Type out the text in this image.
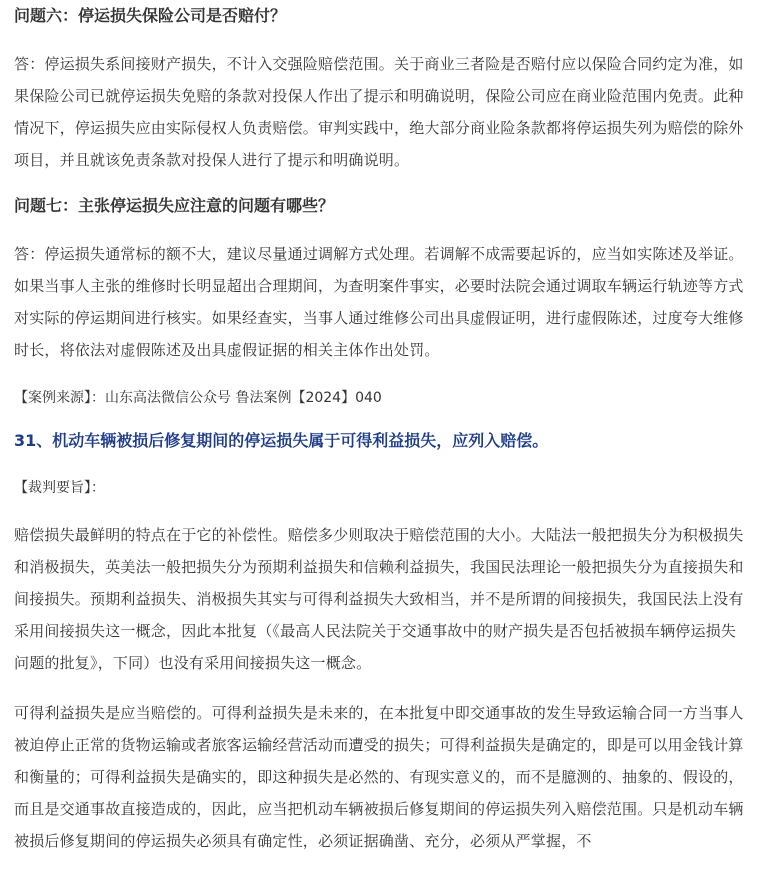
问题六：停运损失保险公司是否赔付？

答：停运损失系间接财产损失，不计入交强险赔偿范围。关于商业三者险是否赔付应以保险合同约定为准，如果保险公司已就停运损失免赔的条款对投保人作出了提示和明确说明，保险公司应在商业险范围内免责。此种情况下，停运损失应由实际侵权人负责赔偿。审判实践中，绝大部分商业险条款都将停运损失列为赔偿的除外项目，并且就该免责条款对投保人进行了提示和明确说明。

问题七：主张停运损失应注意的问题有哪些？

答：停运损失通常标的额不大，建议尽量通过调解方式处理。若调解不成需要起诉的，应当如实陈述及举证。如果当事人主张的维修时长明显超出合理期间，为查明案件事实，必要时法院会通过调取车辆运行轨迹等方式对实际的停运期间进行核实。如果经查实，当事人通过维修公司出具虚假证明，进行虚假陈述，过度夸大维修时长，将依法对虚假陈述及出具虚假证据的相关主体作出处罚。

【案例来源】：山东高法微信公众号 鲁法案例【2024】040

31、机动车辆被损后修复期间的停运损失属于可得利益损失，应列入赔偿。

【裁判要旨】：

赔偿损失最鲜明的特点在于它的补偿性。赔偿多少则取决于赔偿范围的大小。大陆法一般把损失分为积极损失和消极损失，英美法一般把损失分为预期利益损失和信赖利益损失，我国民法理论一般把损失分为直接损失和间接损失。预期利益损失、消极损失其实与可得利益损失大致相当，并不是所谓的间接损失，我国民法上没有采用间接损失这一概念，因此本批复（《最高人民法院关于交通事故中的财产损失是否包括被损车辆停运损失问题的批复》，下同）也没有采用间接损失这一概念。

可得利益损失是应当赔偿的。可得利益损失是未来的，在本批复中即交通事故的发生导致运输合同一方当事人被迫停止正常的货物运输或者旅客运输经营活动而遭受的损失；可得利益损失是确定的，即是可以用金钱计算和衡量的；可得利益损失是确实的，即这种损失是必然的、有现实意义的，而不是臆测的、抽象的、假设的，而且是交通事故直接造成的，因此，应当把机动车辆被损后修复期间的停运损失列入赔偿范围。只是机动车辆被损后修复期间的停运损失必须具有确定性，必须证据确凿、充分，必须从严掌握，不
